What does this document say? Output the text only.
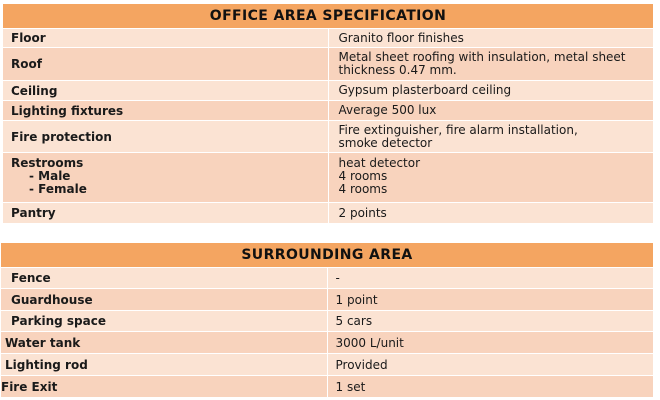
OFFICE AREA SPECIFICATION	
Floor	Granito floor finishes
Roof	Metal sheet roofing with insulation, metal sheet
thickness 0.47 mm.

Ceiling	Gypsum plasterboard ceiling
Lighting fixtures	Average 500 lux
Fire protection	Fire extinguisher, fire alarm installation,
smoke detector

Restrooms
- Male
- Female	heat detector
4 rooms
4 rooms

Pantry	2 points
SURROUNDING AREA	
Fence	-
Guardhouse	1 point
Parking space	5 cars
Water tank	3000 L/unit
Lighting rod	Provided
Fire Exit	1 set
